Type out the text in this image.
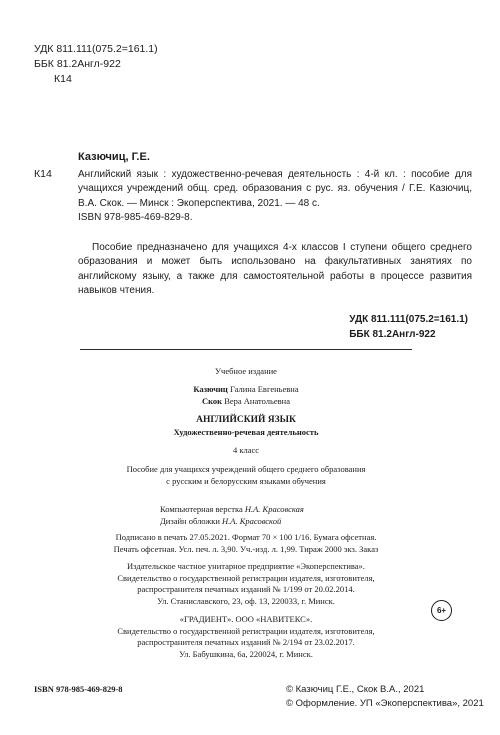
УДК 811.111(075.2=161.1)
ББК 81.2Англ-922
К14
К14
Казючиц, Г.Е.
Английский язык : художественно-речевая деятельность : 4-й кл. : пособие для учащихся учреждений общ. сред. образования с рус. яз. обучения / Г.Е. Казючиц, В.А. Скок. — Минск : Экоперспектива, 2021. — 48 с.
ISBN 978-985-469-829-8.
Пособие предназначено для учащихся 4-х классов I ступени общего среднего образования и может быть использовано на факультативных занятиях по английскому языку, а также для самостоятельной работы в процессе развития навыков чтения.
УДК 811.111(075.2=161.1)
ББК 81.2Англ-922
Учебное издание
Казючиц Галина Евгеньевна
Скок Вера Анатольевна
АНГЛИЙСКИЙ ЯЗЫК
Художественно-речевая деятельность
4 класс
Пособие для учащихся учреждений общего среднего образования
с русским и белорусским языками обучения
Компьютерная верстка Н.А. Красовская
Дизайн обложки Н.А. Красовской
Подписано в печать 27.05.2021. Формат 70 × 100 1/16. Бумага офсетная.
Печать офсетная. Усл. печ. л. 3,90. Уч.-изд. л. 1,99. Тираж 2000 экз. Заказ
Издательское частное унитарное предприятие «Экоперспектива».
Свидетельство о государственной регистрации издателя, изготовителя,
распространителя печатных изданий № 1/199 от 20.02.2014.
Ул. Станиславского, 23, оф. 13, 220033, г. Минск.
6+
«ГРАДИЕНТ». ООО «НАВИТЕКС».
Свидетельство о государственной регистрации издателя, изготовителя,
распространителя печатных изданий № 2/194 от 23.02.2017.
Ул. Бабушкина, 6а, 220024, г. Минск.
ISBN 978-985-469-829-8	© Казючиц Г.Е., Скок В.А., 2021
© Оформление. УП «Экоперспектива», 2021
